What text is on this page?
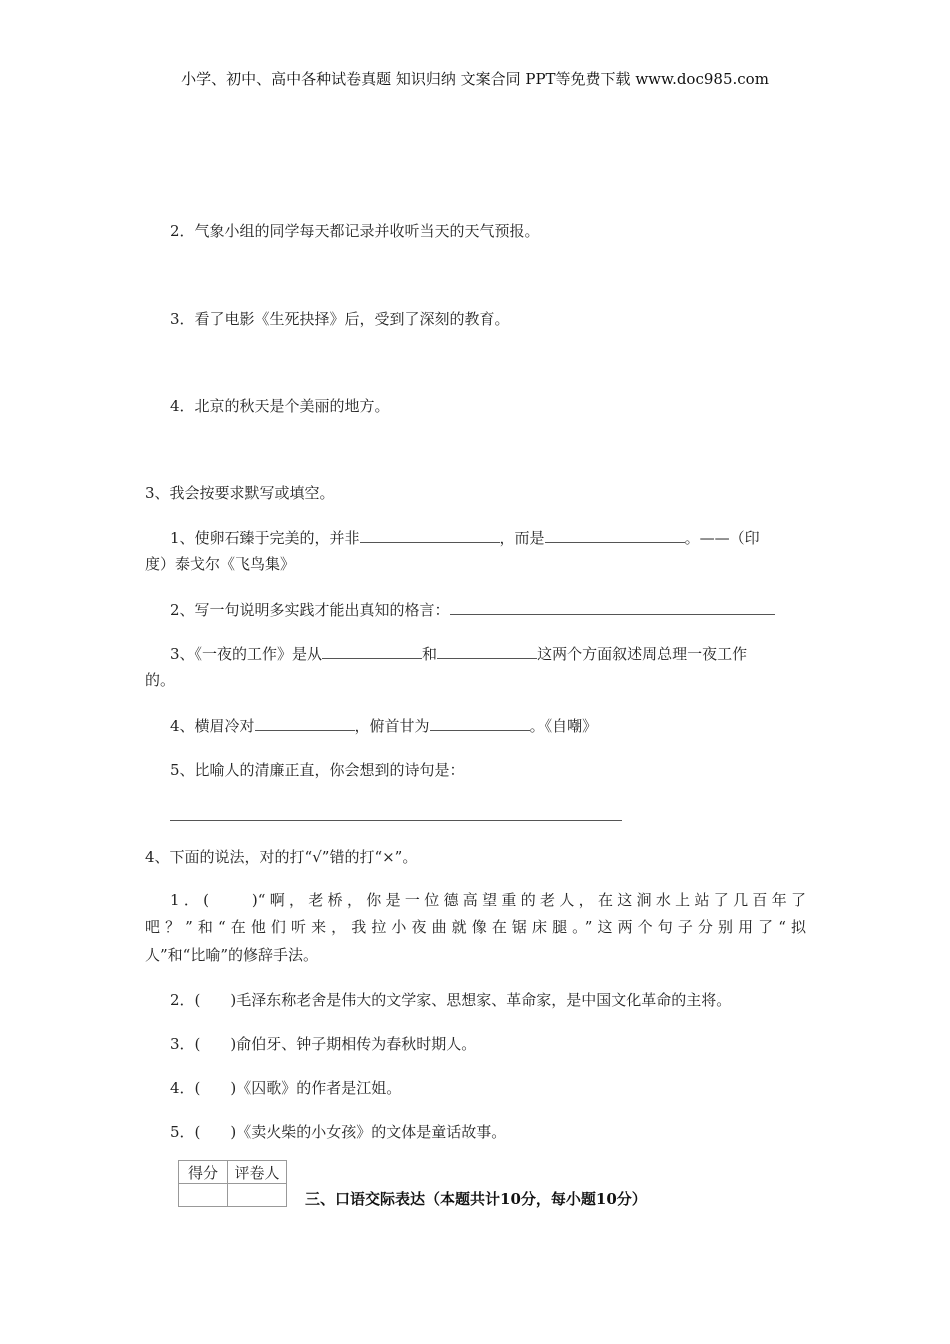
小学、初中、高中各种试卷真题 知识归纳 文案合同 PPT等免费下载 www.doc985.com
2．气象小组的同学每天都记录并收听当天的天气预报。
3．看了电影《生死抉择》后，受到了深刻的教育。
4．北京的秋天是个美丽的地方。
3、我会按要求默写或填空。
1、使卵石臻于完美的，并非	，而是	。——（印
度）泰戈尔《飞鸟集》
2、写一句说明多实践才能出真知的格言：
3、《一夜的工作》是从	和	这两个方面叙述周总理一夜工作
的。
4、横眉冷对	，俯首甘为	。《自嘲》
5、比喻人的清廉正直，你会想到的诗句是：
4、下面的说法，对的打“√”错的打“×”。
1．(　　)“啊，老桥，你是一位德高望重的老人，在这涧水上站了几百年了
吧？”和“在他们听来，我拉小夜曲就像在锯床腿。”这两个句子分别用了“拟
人”和“比喻”的修辞手法。
2．(　　)毛泽东称老舍是伟大的文学家、思想家、革命家，是中国文化革命的主将。
3．(　　)俞伯牙、钟子期相传为春秋时期人。
4．(　　)《囚歌》的作者是江姐。
5．(　　)《卖火柴的小女孩》的文体是童话故事。
得分	评卷人

三、口语交际表达（本题共计10分，每小题10分）
